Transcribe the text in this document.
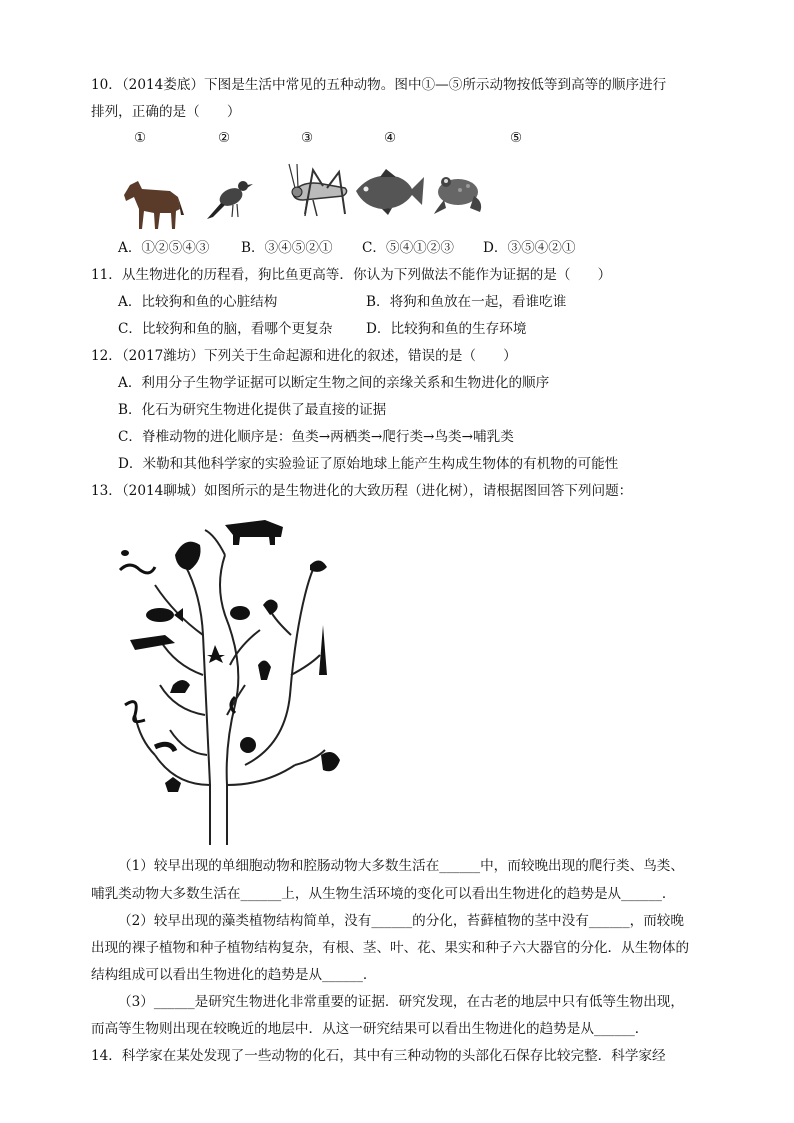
10．（2014娄底）下图是生活中常见的五种动物。图中①—⑤所示动物按低等到高等的顺序进行
排列，正确的是（　　）
①	②	③	④	⑤
A．①②⑤④③ B．③④⑤②① C．⑤④①②③ D．③⑤④②①
11．从生物进化的历程看，狗比鱼更高等．你认为下列做法不能作为证据的是（　　）
A．比较狗和鱼的心脏结构	B．将狗和鱼放在一起，看谁吃谁
C．比较狗和鱼的脑，看哪个更复杂 D．比较狗和鱼的生存环境
12．（2017潍坊）下列关于生命起源和进化的叙述，错误的是（　　）
A．利用分子生物学证据可以断定生物之间的亲缘关系和生物进化的顺序
B．化石为研究生物进化提供了最直接的证据
C．脊椎动物的进化顺序是：鱼类→两栖类→爬行类→鸟类→哺乳类
D．米勒和其他科学家的实验验证了原始地球上能产生构成生物体的有机物的可能性
13．（2014聊城）如图所示的是生物进化的大致历程（进化树），请根据图回答下列问题：
（1）较早出现的单细胞动物和腔肠动物大多数生活在______中，而较晚出现的爬行类、鸟类、
哺乳类动物大多数生活在______上，从生物生活环境的变化可以看出生物进化的趋势是从______．
（2）较早出现的藻类植物结构简单，没有______的分化，苔藓植物的茎中没有______，而较晚
出现的裸子植物和种子植物结构复杂，有根、茎、叶、花、果实和种子六大器官的分化．从生物体的
结构组成可以看出生物进化的趋势是从______．
（3）______是研究生物进化非常重要的证据．研究发现，在古老的地层中只有低等生物出现，
而高等生物则出现在较晚近的地层中．从这一研究结果可以看出生物进化的趋势是从______．
14．科学家在某处发现了一些动物的化石，其中有三种动物的头部化石保存比较完整．科学家经
